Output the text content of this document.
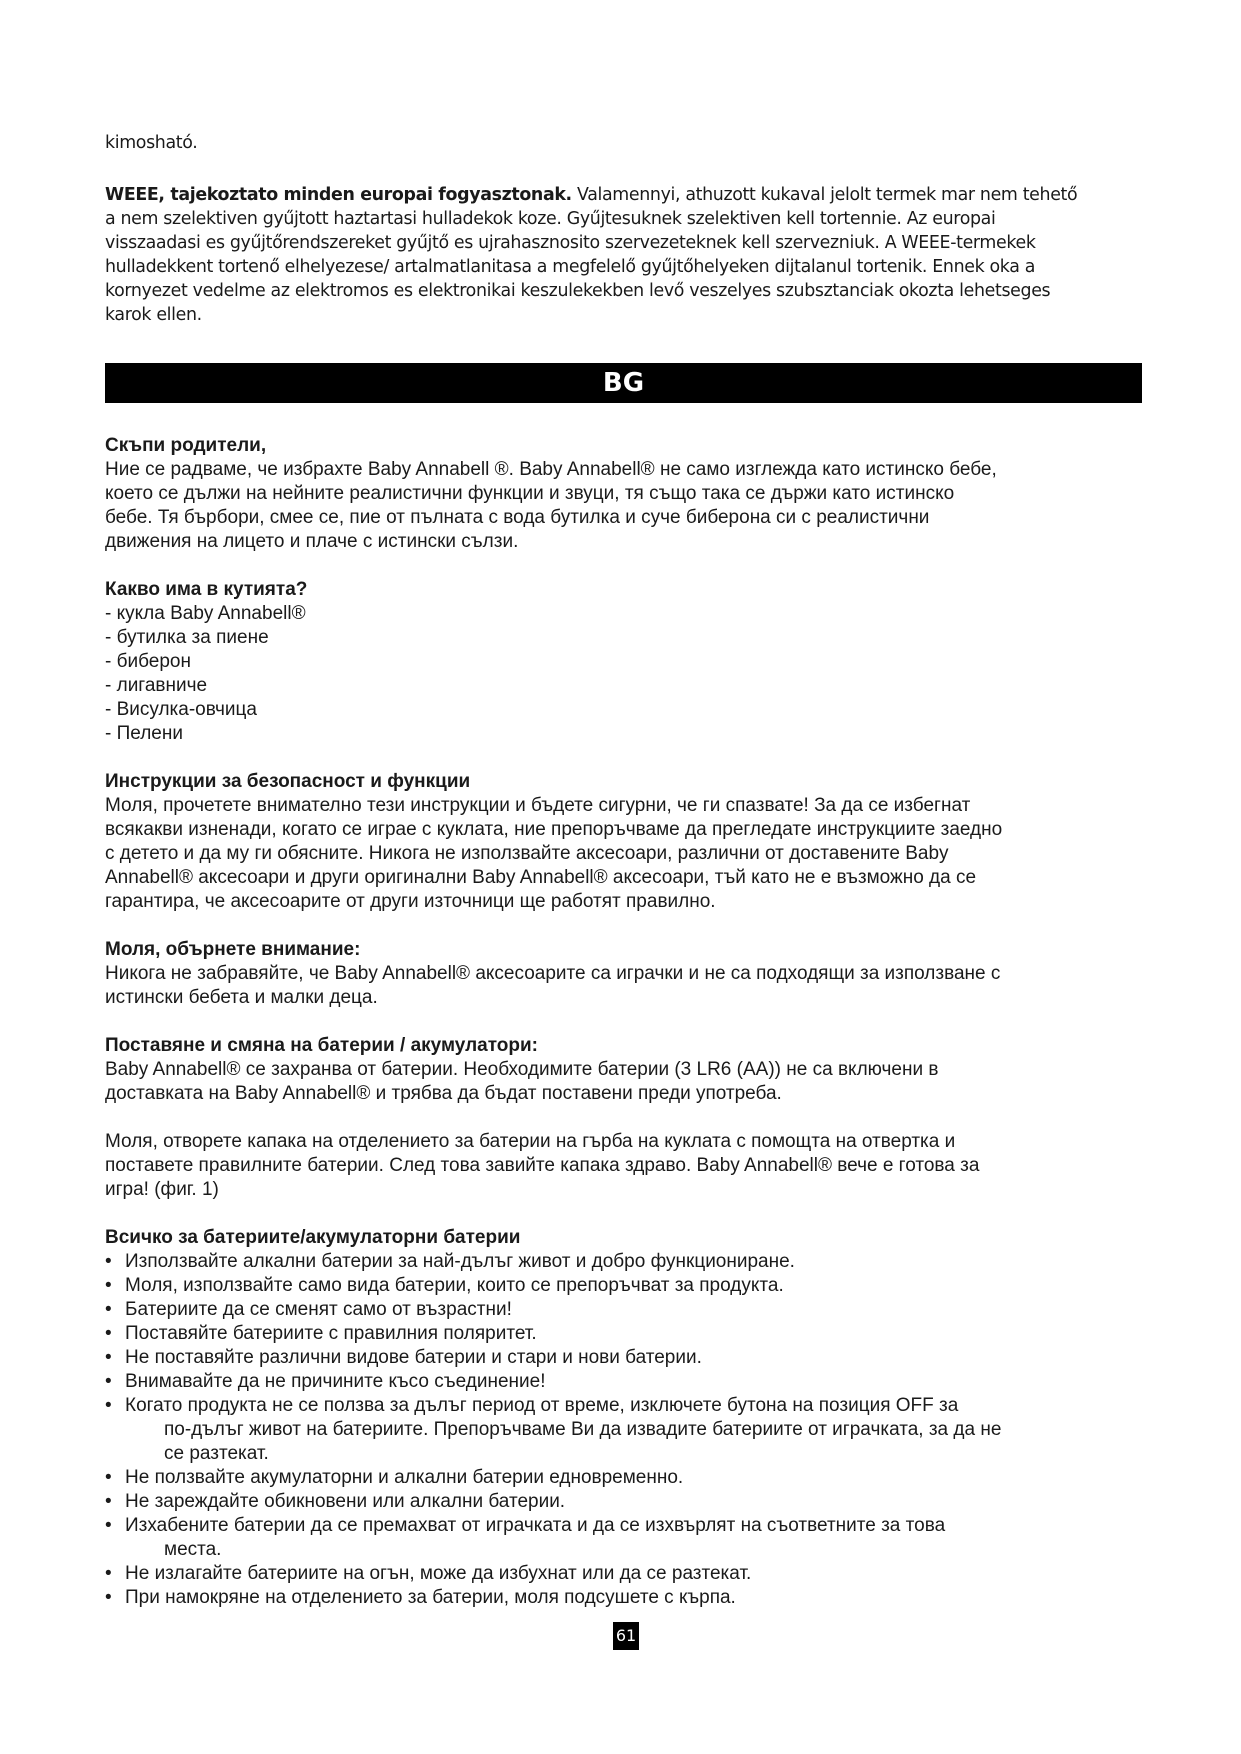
kimosható.
WEEE, tajekoztato minden europai fogyasztonak. Valamennyi, athuzott kukaval jelolt termek mar nem tehető
a nem szelektiven gyűjtott haztartasi hulladekok koze. Gyűjtesuknek szelektiven kell tortennie. Az europai
visszaadasi es gyűjtőrendszereket gyűjtő es ujrahasznosito szervezeteknek kell szervezniuk. A WEEE-termekek
hulladekkent tortenő elhelyezese/ artalmatlanitasa a megfelelő gyűjtőhelyeken dijtalanul tortenik. Ennek oka a
kornyezet vedelme az elektromos es elektronikai keszulekekben levő veszelyes szubsztanciak okozta lehetseges
karok ellen.
BG
Скъпи родители,
Ние се радваме, че избрахте Baby Annabell ®. Baby Annabell® не само изглежда като истинско бебе,
което се дължи на нейните реалистични функции и звуци, тя също така се държи като истинско
бебе. Тя бърбори, смее се, пие от пълната с вода бутилка и суче биберона си с реалистични
движения на лицето и плаче с истински сълзи.
Какво има в кутията?
- кукла Baby Annabell®
- бутилка за пиене
- биберон
- лигавниче
- Висулка-овчица
- Пелени
Инструкции за безопасност и функции
Моля, прочетете внимателно тези инструкции и бъдете сигурни, че ги спазвате! За да се избегнат
всякакви изненади, когато се играе с куклата, ние препоръчваме да прегледате инструкциите заедно
с детето и да му ги обясните. Никога не използвайте аксесоари, различни от доставените Baby
Annabell® аксесоари и други оригинални Baby Annabell® аксесоари, тъй като не е възможно да се
гарантира, че аксесоарите от други източници ще работят правилно.
Моля, обърнете внимание:
Никога не забравяйте, че Baby Annabell® аксесоарите са играчки и не са подходящи за използване с
истински бебета и малки деца.
Поставяне и смяна на батерии / акумулатори:
Baby Annabell® се захранва от батерии. Необходимите батерии (3 LR6 (AA)) не са включени в
доставката на Baby Annabell® и трябва да бъдат поставени преди употреба.
Моля, отворете капака на отделението за батерии на гърба на куклата с помощта на отвертка и
поставете правилните батерии. След това завийте капака здраво. Baby Annabell® вече е готова за
игра! (фиг. 1)
Всичко за батериите/акумулаторни батерии
• Използвайте алкални батерии за най-дълъг живот и добро функциониране.
• Моля, използвайте само вида батерии, които се препоръчват за продукта.
• Батериите да се сменят само от възрастни!
• Поставяйте батериите с правилния поляритет.
• Не поставяйте различни видове батерии и стари и нови батерии.
• Внимавайте да не причините късо съединение!
• Когато продукта не се ползва за дълъг период от време, изключете бутона на позиция OFF за
по-дълъг живот на батериите. Препоръчваме Ви да извадите батериите от играчката, за да не
се разтекат.
• Не ползвайте акумулаторни и алкални батерии едновременно.
• Не зареждайте обикновени или алкални батерии.
• Изхабените батерии да се премахват от играчката и да се изхвърлят на съответните за това
места.
• Не излагайте батериите на огън, може да избухнат или да се разтекат.
• При намокряне на отделението за батерии, моля подсушете с кърпа.
61
